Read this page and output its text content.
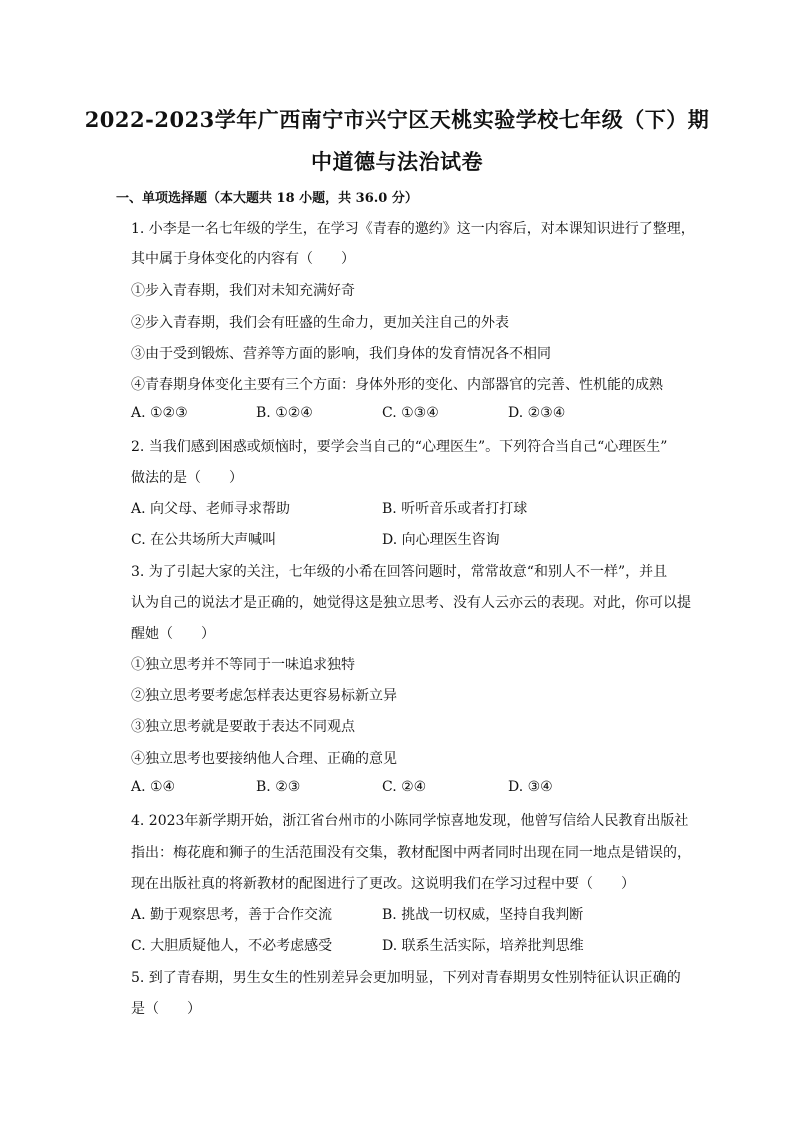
2022-2023学年广西南宁市兴宁区天桃实验学校七年级（下）期
中道德与法治试卷
一、单项选择题（本大题共 18 小题，共 36.0 分）
1. 小李是一名七年级的学生，在学习《青春的邀约》这一内容后，对本课知识进行了整理，
其中属于身体变化的内容有（　　）
①步入青春期，我们对未知充满好奇
②步入青春期，我们会有旺盛的生命力，更加关注自己的外表
③由于受到锻炼、营养等方面的影响，我们身体的发育情况各不相同
④青春期身体变化主要有三个方面：身体外形的变化、内部器官的完善、性机能的成熟
A. ①②③	B. ①②④	C. ①③④	D. ②③④
2. 当我们感到困惑或烦恼时，要学会当自己的“心理医生”。下列符合当自己“心理医生”
做法的是（　　）
A. 向父母、老师寻求帮助	B. 听听音乐或者打打球
C. 在公共场所大声喊叫	D. 向心理医生咨询
3. 为了引起大家的关注，七年级的小希在回答问题时，常常故意“和别人不一样”，并且
认为自己的说法才是正确的，她觉得这是独立思考、没有人云亦云的表现。对此，你可以提
醒她（　　）
①独立思考并不等同于一味追求独特
②独立思考要考虑怎样表达更容易标新立异
③独立思考就是要敢于表达不同观点
④独立思考也要接纳他人合理、正确的意见
A. ①④	B. ②③	C. ②④	D. ③④
4. 2023年新学期开始，浙江省台州市的小陈同学惊喜地发现，他曾写信给人民教育出版社
指出：梅花鹿和狮子的生活范围没有交集，教材配图中两者同时出现在同一地点是错误的，
现在出版社真的将新教材的配图进行了更改。这说明我们在学习过程中要（　　）
A. 勤于观察思考，善于合作交流	B. 挑战一切权威，坚持自我判断
C. 大胆质疑他人，不必考虑感受	D. 联系生活实际，培养批判思维
5. 到了青春期，男生女生的性别差异会更加明显，下列对青春期男女性别特征认识正确的
是（　　）
